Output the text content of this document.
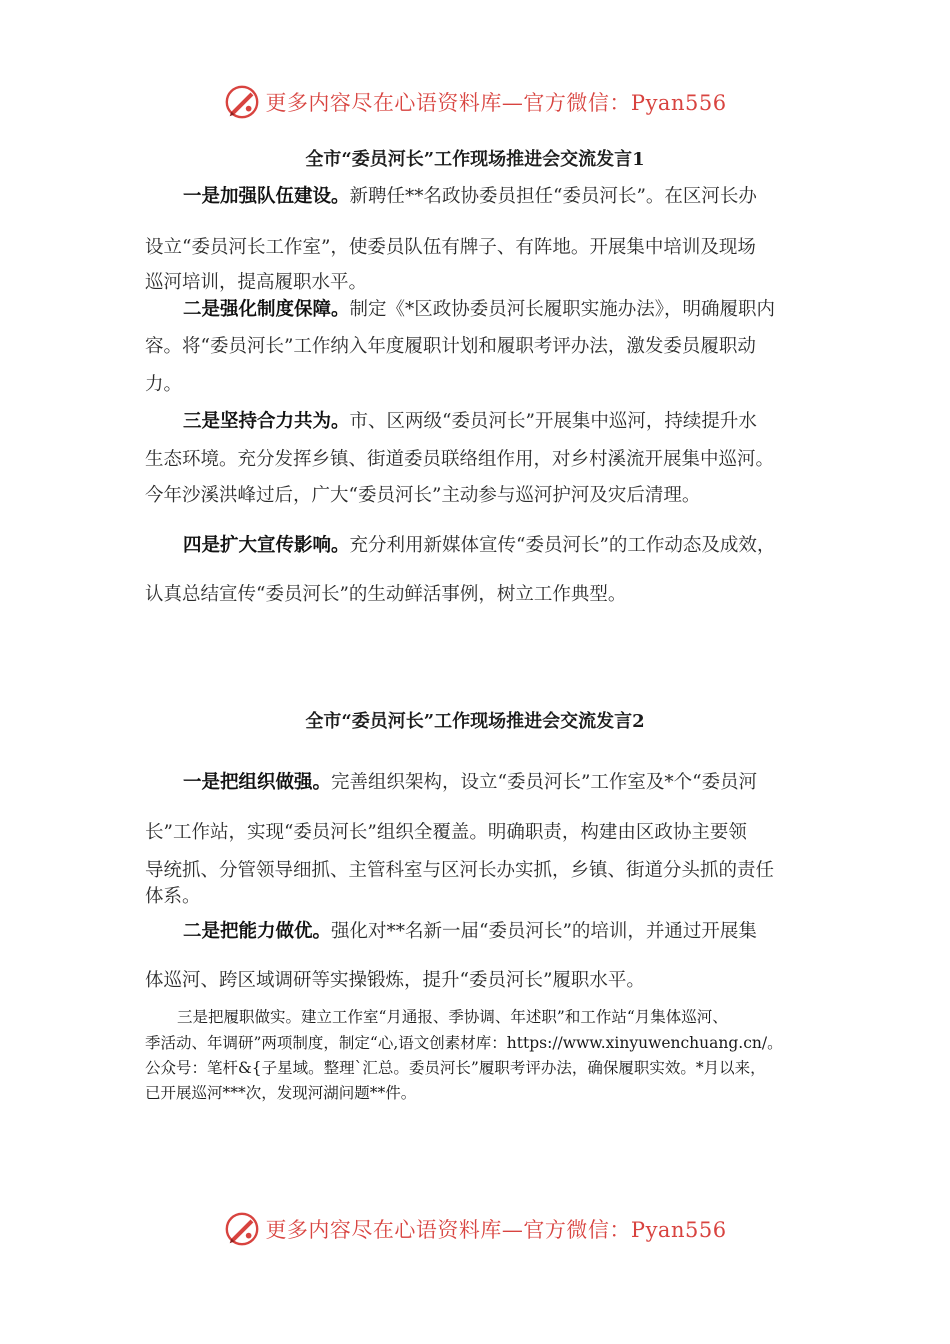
更多内容尽在心语资料库—官方微信：Pyan556
全市“委员河长”工作现场推进会交流发言1
一是加强队伍建设。新聘任**名政协委员担任“委员河长”。在区河长办
设立“委员河长工作室”，使委员队伍有牌子、有阵地。开展集中培训及现场
巡河培训，提高履职水平。
二是强化制度保障。制定《*区政协委员河长履职实施办法》，明确履职内
容。将“委员河长”工作纳入年度履职计划和履职考评办法，激发委员履职动
力。
三是坚持合力共为。市、区两级“委员河长”开展集中巡河，持续提升水
生态环境。充分发挥乡镇、街道委员联络组作用，对乡村溪流开展集中巡河。
今年沙溪洪峰过后，广大“委员河长”主动参与巡河护河及灾后清理。
四是扩大宣传影响。充分利用新媒体宣传“委员河长”的工作动态及成效，
认真总结宣传“委员河长”的生动鲜活事例，树立工作典型。
全市“委员河长”工作现场推进会交流发言2
一是把组织做强。完善组织架构，设立“委员河长”工作室及*个“委员河
长”工作站，实现“委员河长”组织全覆盖。明确职责，构建由区政协主要领
导统抓、分管领导细抓、主管科室与区河长办实抓，乡镇、街道分头抓的责任
体系。
二是把能力做优。强化对**名新一届“委员河长”的培训，并通过开展集
体巡河、跨区域调研等实操锻炼，提升“委员河长”履职水平。
三是把履职做实。建立工作室“月通报、季协调、年述职”和工作站“月集体巡河、
季活动、年调研”两项制度，制定“心,语文创素材库：https://www.xinyuwenchuang.cn/。
公众号：笔杆&{子星域。整理`汇总。委员河长”履职考评办法，确保履职实效。*月以来，
已开展巡河***次，发现河湖问题**件。
更多内容尽在心语资料库—官方微信：Pyan556
